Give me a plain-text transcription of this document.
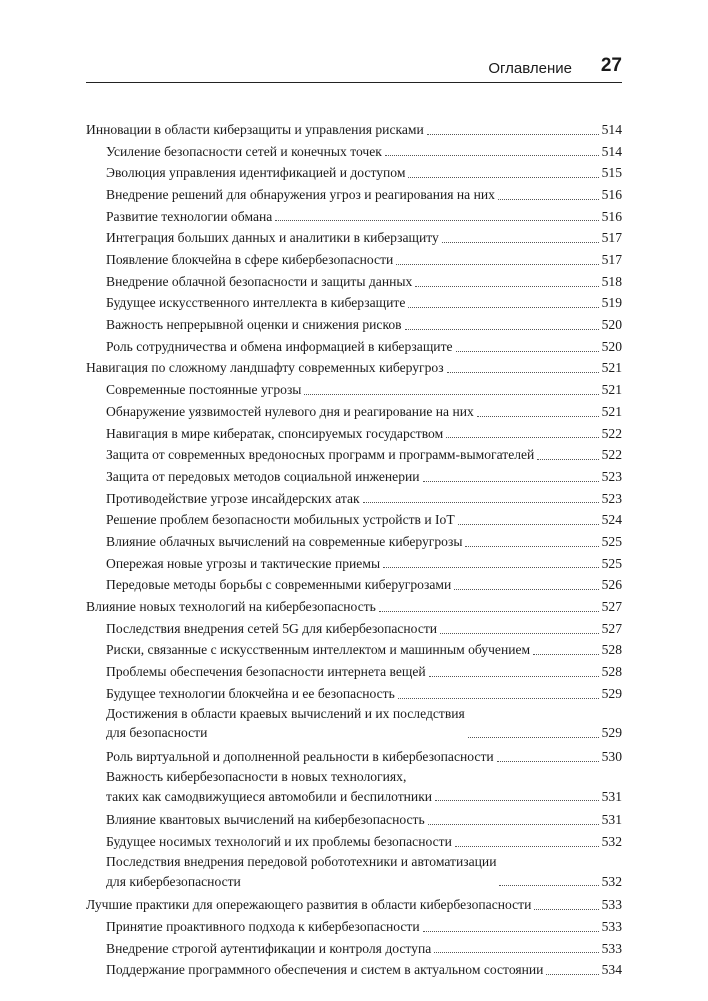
Оглавление 27
Инновации в области киберзащиты и управления рисками	514
Усиление безопасности сетей и конечных точек	514
Эволюция управления идентификацией и доступом	515
Внедрение решений для обнаружения угроз и реагирования на них	516
Развитие технологии обмана	516
Интеграция больших данных и аналитики в киберзащиту	517
Появление блокчейна в сфере кибербезопасности	517
Внедрение облачной безопасности и защиты данных	518
Будущее искусственного интеллекта в киберзащите	519
Важность непрерывной оценки и снижения рисков	520
Роль сотрудничества и обмена информацией в киберзащите	520
Навигация по сложному ландшафту современных киберугроз	521
Современные постоянные угрозы	521
Обнаружение уязвимостей нулевого дня и реагирование на них	521
Навигация в мире кибератак, спонсируемых государством	522
Защита от современных вредоносных программ и программ-вымогателей	522
Защита от передовых методов социальной инженерии	523
Противодействие угрозе инсайдерских атак	523
Решение проблем безопасности мобильных устройств и IoT	524
Влияние облачных вычислений на современные киберугрозы	525
Опережая новые угрозы и тактические приемы	525
Передовые методы борьбы с современными киберугрозами	526
Влияние новых технологий на кибербезопасность	527
Последствия внедрения сетей 5G для кибербезопасности	527
Риски, связанные с искусственным интеллектом и машинным обучением	528
Проблемы обеспечения безопасности интернета вещей	528
Будущее технологии блокчейна и ее безопасность	529
Достижения в области краевых вычислений и их последствия
для безопасности	529
Роль виртуальной и дополненной реальности в кибербезопасности	530
Важность кибербезопасности в новых технологиях,
таких как самодвижущиеся автомобили и беспилотники	531
Влияние квантовых вычислений на кибербезопасность	531
Будущее носимых технологий и их проблемы безопасности	532
Последствия внедрения передовой робототехники и автоматизации
для кибербезопасности	532
Лучшие практики для опережающего развития в области кибербезопасности	533
Принятие проактивного подхода к кибербезопасности	533
Внедрение строгой аутентификации и контроля доступа	533
Поддержание программного обеспечения и систем в актуальном состоянии	534
